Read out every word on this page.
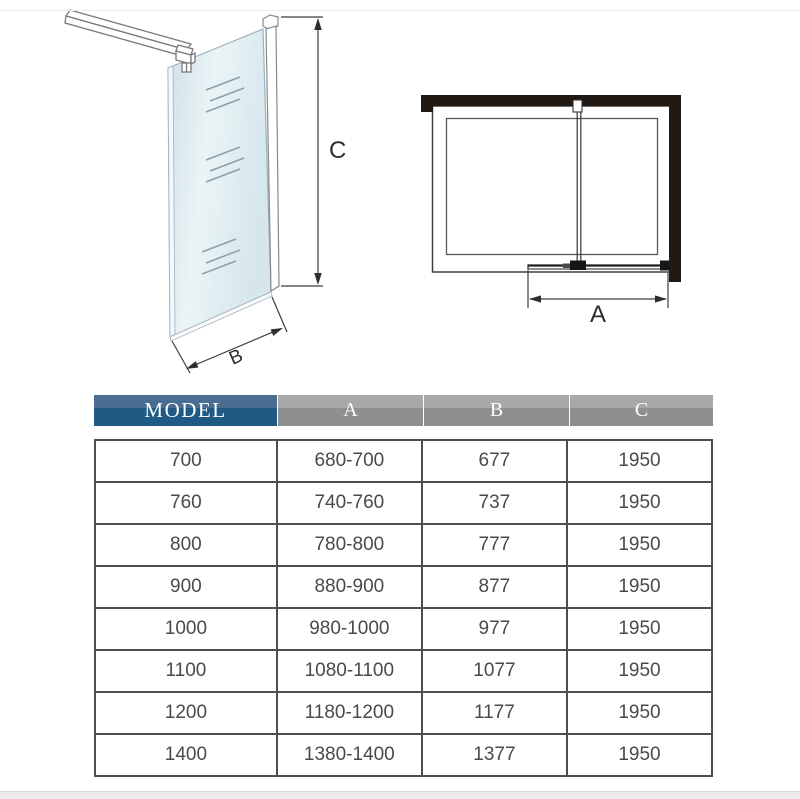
C
B
A
MODEL	A	B	C
700	680-700	677	1950
760	740-760	737	1950
800	780-800	777	1950
900	880-900	877	1950
1000	980-1000	977	1950
1100	1080-1100	1077	1950
1200	1180-1200	1177	1950
1400	1380-1400	1377	1950
